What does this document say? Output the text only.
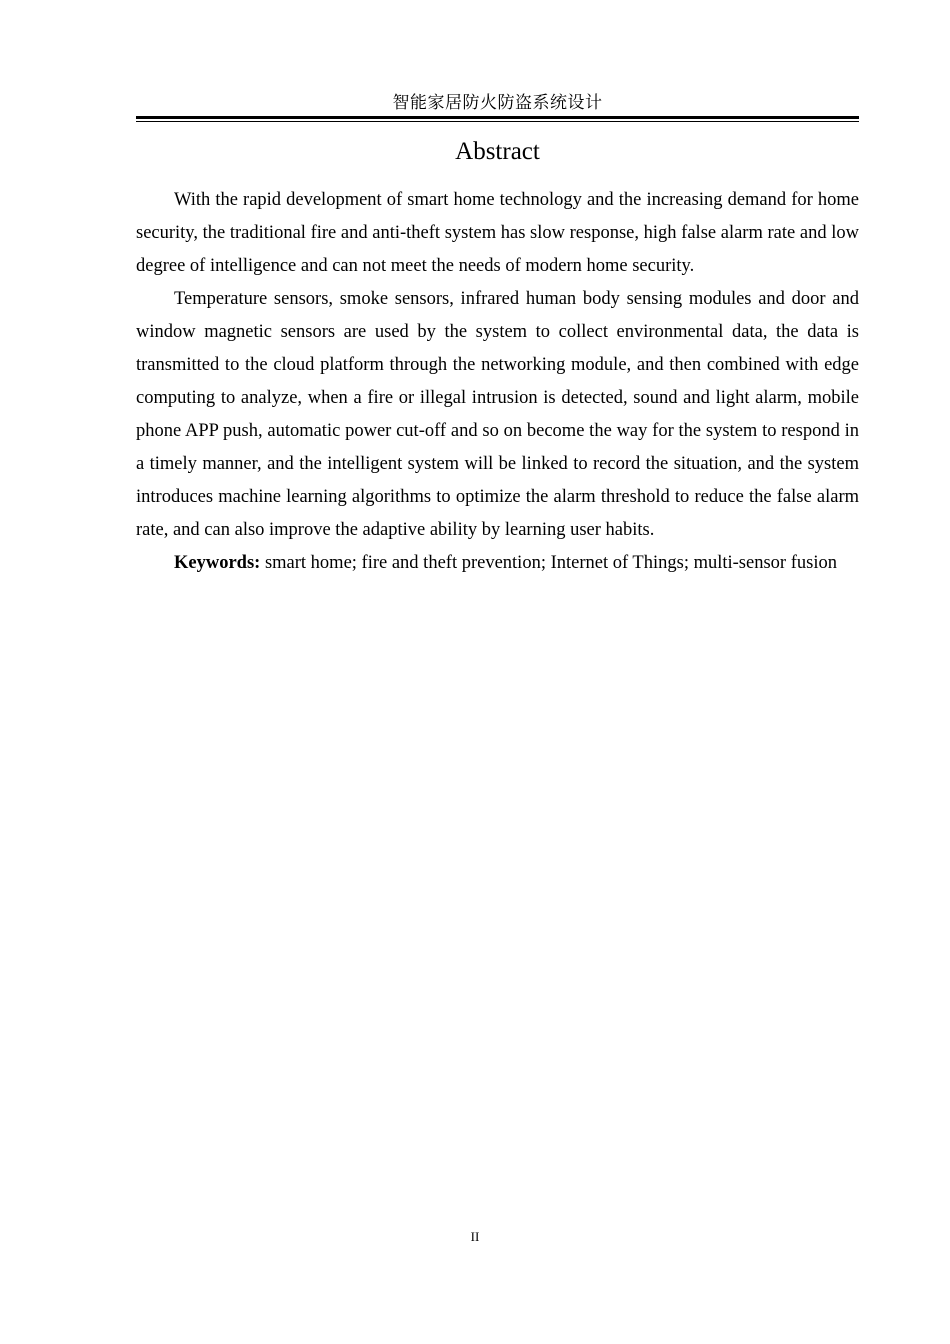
智能家居防火防盗系统设计
Abstract

With the rapid development of smart home technology and the increasing demand for home security, the traditional fire and anti-theft system has slow response, high false alarm rate and low degree of intelligence and can not meet the needs of modern home security.

Temperature sensors, smoke sensors, infrared human body sensing modules and door and window magnetic sensors are used by the system to collect environmental data, the data is transmitted to the cloud platform through the networking module, and then combined with edge computing to analyze, when a fire or illegal intrusion is detected, sound and light alarm, mobile phone APP push, automatic power cut-off and so on become the way for the system to respond in a timely manner, and the intelligent system will be linked to record the situation, and the system introduces machine learning algorithms to optimize the alarm threshold to reduce the false alarm rate, and can also improve the adaptive ability by learning user habits.

Keywords: smart home; fire and theft prevention; Internet of Things; multi-sensor fusion

II
